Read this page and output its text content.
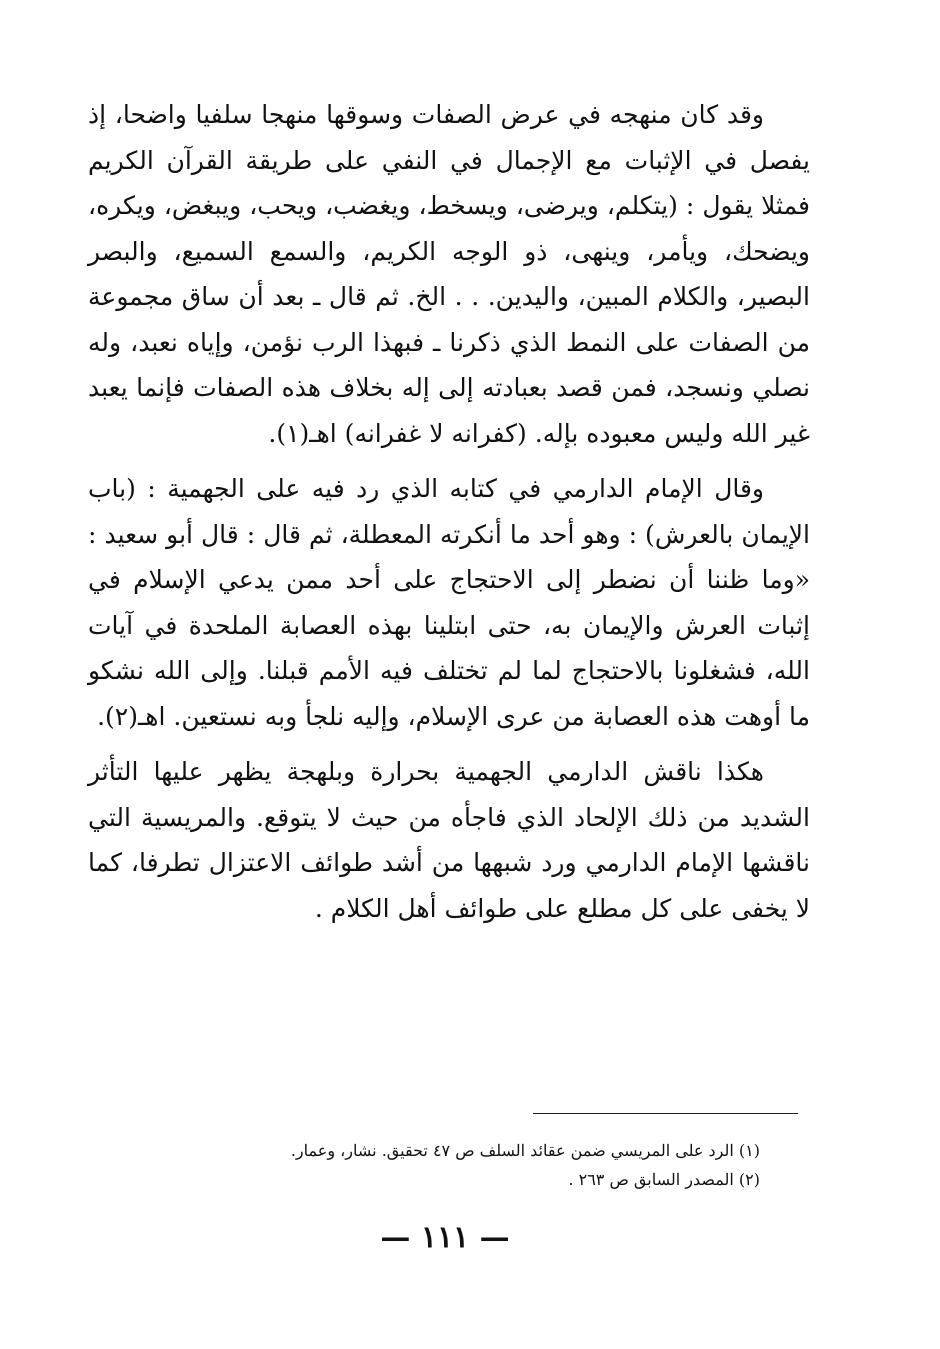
وقد كان منهجه في عرض الصفات وسوقها منهجا سلفيا واضحا، إذ يفصل في الإثبات مع الإجمال في النفي على طريقة القرآن الكريم فمثلا يقول : (يتكلم، ويرضى، ويسخط، ويغضب، ويحب، ويبغض، ويكره، ويضحك، ويأمر، وينهى، ذو الوجه الكريم، والسمع السميع، والبصر البصير، والكلام المبين، واليدين. . . الخ. ثم قال ـ بعد أن ساق مجموعة من الصفات على النمط الذي ذكرنا ـ فبهذا الرب نؤمن، وإياه نعبد، وله نصلي ونسجد، فمن قصد بعبادته إلى إله بخلاف هذه الصفات فإنما يعبد غير الله وليس معبوده بإله. (كفرانه لا غفرانه) اهـ(١).

وقال الإمام الدارمي في كتابه الذي رد فيه على الجهمية : (باب الإيمان بالعرش) : وهو أحد ما أنكرته المعطلة، ثم قال : قال أبو سعيد : «وما ظننا أن نضطر إلى الاحتجاج على أحد ممن يدعي الإسلام في إثبات العرش والإيمان به، حتى ابتلينا بهذه العصابة الملحدة في آيات الله، فشغلونا بالاحتجاج لما لم تختلف فيه الأمم قبلنا. وإلى الله نشكو ما أوهت هذه العصابة من عرى الإسلام، وإليه نلجأ وبه نستعين. اهـ(٢).

هكذا ناقش الدارمي الجهمية بحرارة وبلهجة يظهر عليها التأثر الشديد من ذلك الإلحاد الذي فاجأه من حيث لا يتوقع. والمريسية التي ناقشها الإمام الدارمي ورد شبهها من أشد طوائف الاعتزال تطرفا، كما لا يخفى على كل مطلع على طوائف أهل الكلام .

(١) الرد على المريسي ضمن عقائد السلف ص ٤٧ تحقيق. نشار، وعمار.

(٢) المصدر السابق ص ٢٦٣ .

— ١١١ —
